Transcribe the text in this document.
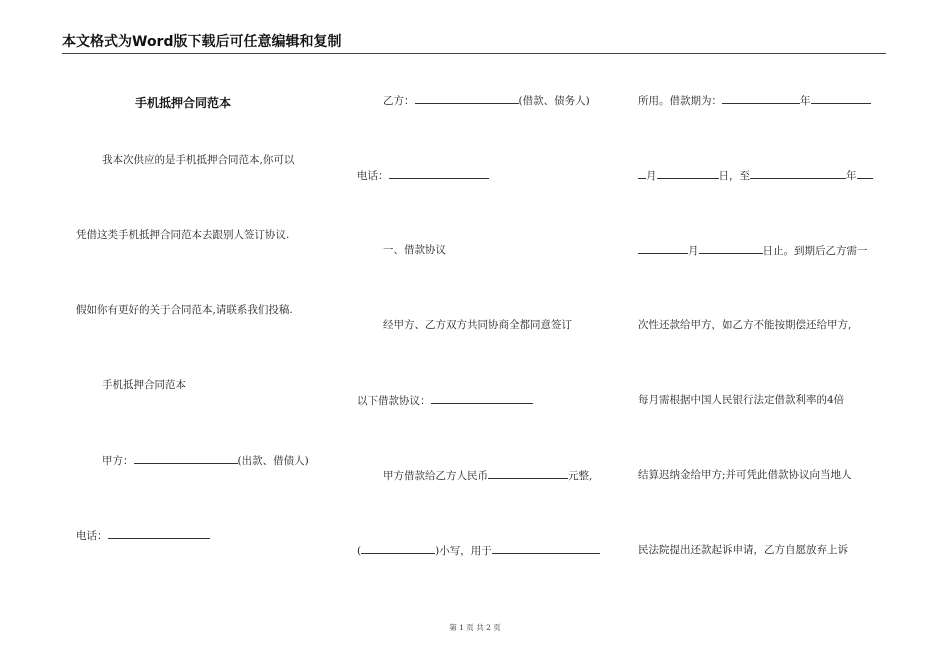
本文格式为Word版下载后可任意编辑和复制
手机抵押合同范本
我本次供应的是手机抵押合同范本,你可以
凭借这类手机抵押合同范本去跟别人签订协议.
假如你有更好的关于合同范本,请联系我们投稿.
手机抵押合同范本
甲方：	(出款、借债人)
电话：
乙方：	(借款、债务人)
电话：
一、借款协议
经甲方、乙方双方共同协商全都同意签订
以下借款协议：
甲方借款给乙方人民币	元整,
(	)小写，用于
所用。借款期为：	年
月	日，至	年
月	日止。到期后乙方需一
次性还款给甲方，如乙方不能按期偿还给甲方,
每月需根据中国人民银行法定借款利率的4倍
结算迟纳金给甲方;并可凭此借款协议向当地人
民法院提出还款起诉申请，乙方自愿放弃上诉
第 1 页 共 2 页
